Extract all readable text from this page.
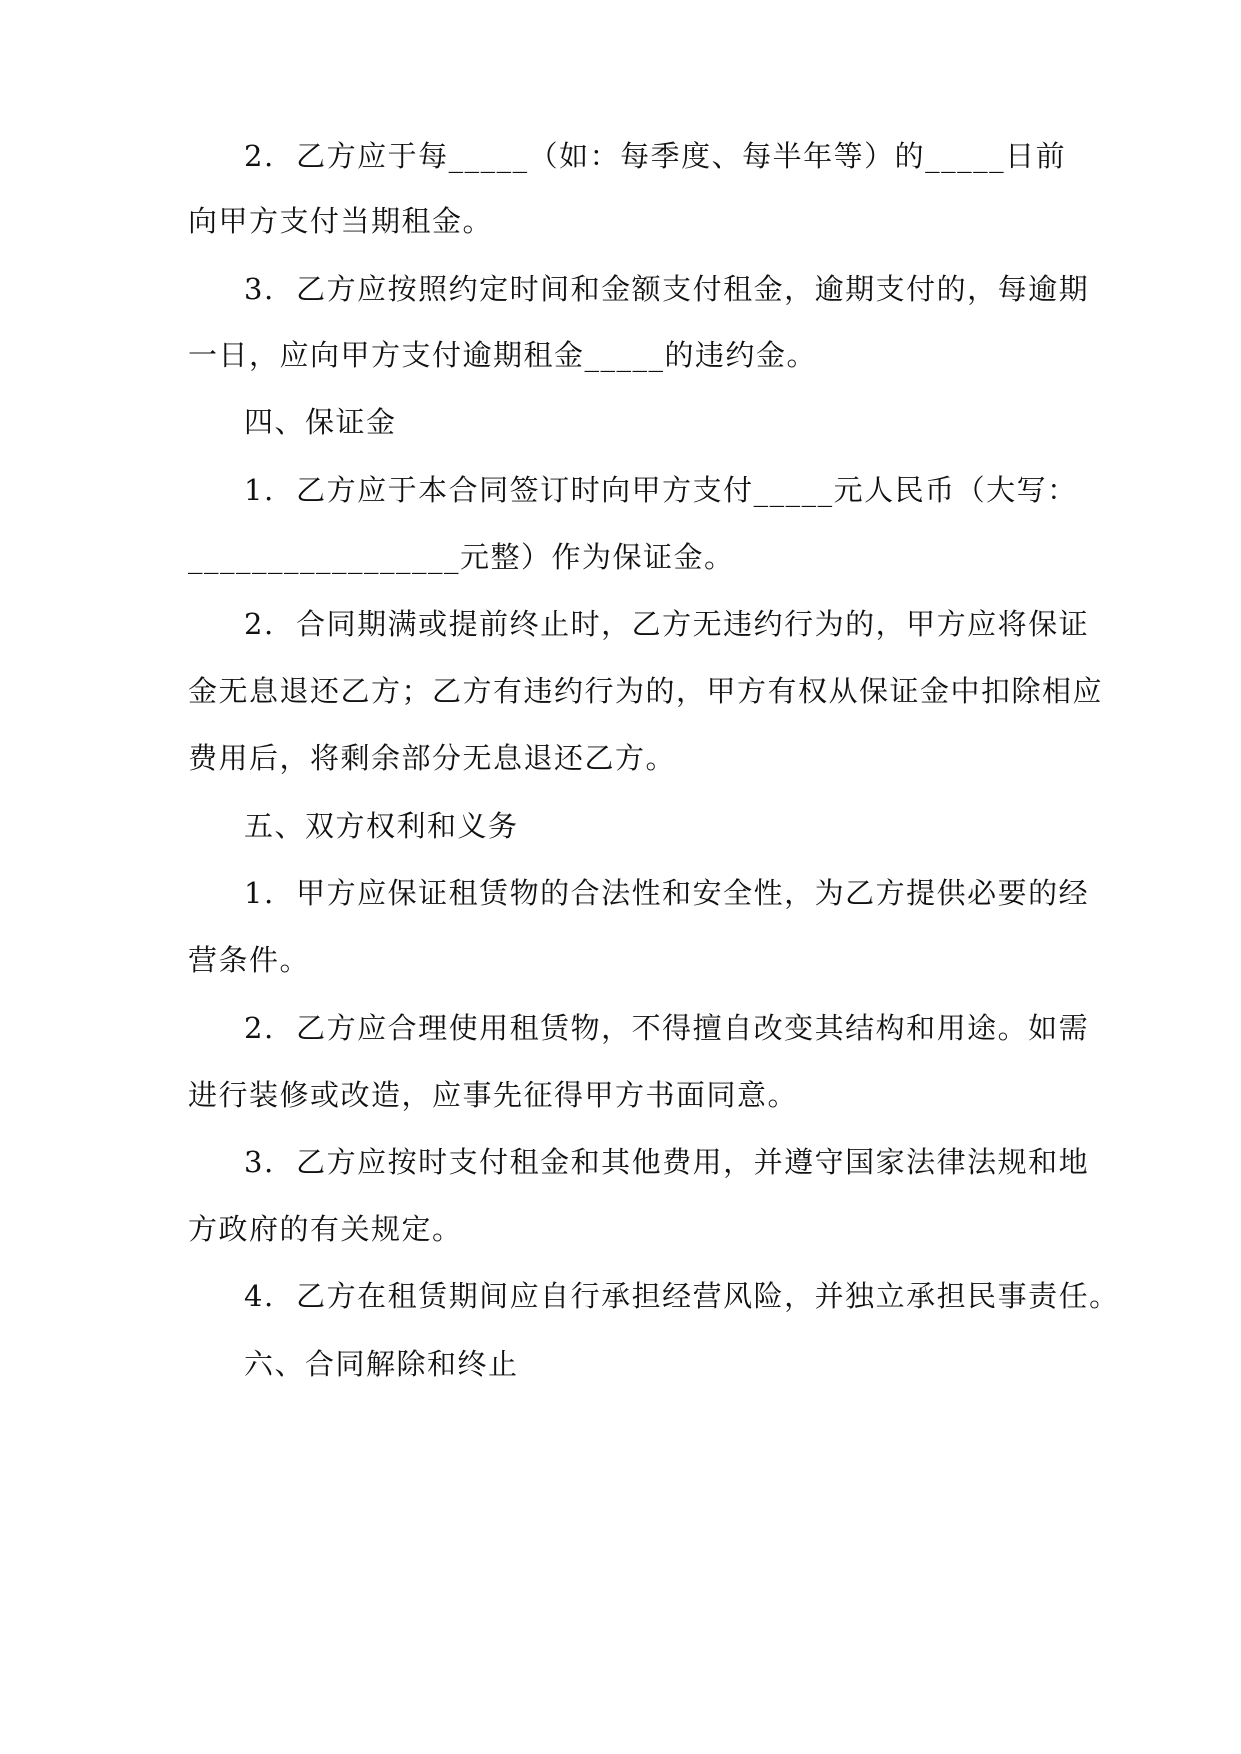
2.  乙方应于每_____（如：每季度、每半年等）的_____日前
向甲方支付当期租金。
3.  乙方应按照约定时间和金额支付租金，逾期支付的，每逾期
一日，应向甲方支付逾期租金_____的违约金。
四、保证金
1.  乙方应于本合同签订时向甲方支付_____元人民币（大写：
_________________元整）作为保证金。
2.  合同期满或提前终止时，乙方无违约行为的，甲方应将保证
金无息退还乙方；乙方有违约行为的，甲方有权从保证金中扣除相应
费用后，将剩余部分无息退还乙方。
五、双方权利和义务
1.  甲方应保证租赁物的合法性和安全性，为乙方提供必要的经
营条件。
2.  乙方应合理使用租赁物，不得擅自改变其结构和用途。如需
进行装修或改造，应事先征得甲方书面同意。
3.  乙方应按时支付租金和其他费用，并遵守国家法律法规和地
方政府的有关规定。
4.  乙方在租赁期间应自行承担经营风险，并独立承担民事责任。
六、合同解除和终止
